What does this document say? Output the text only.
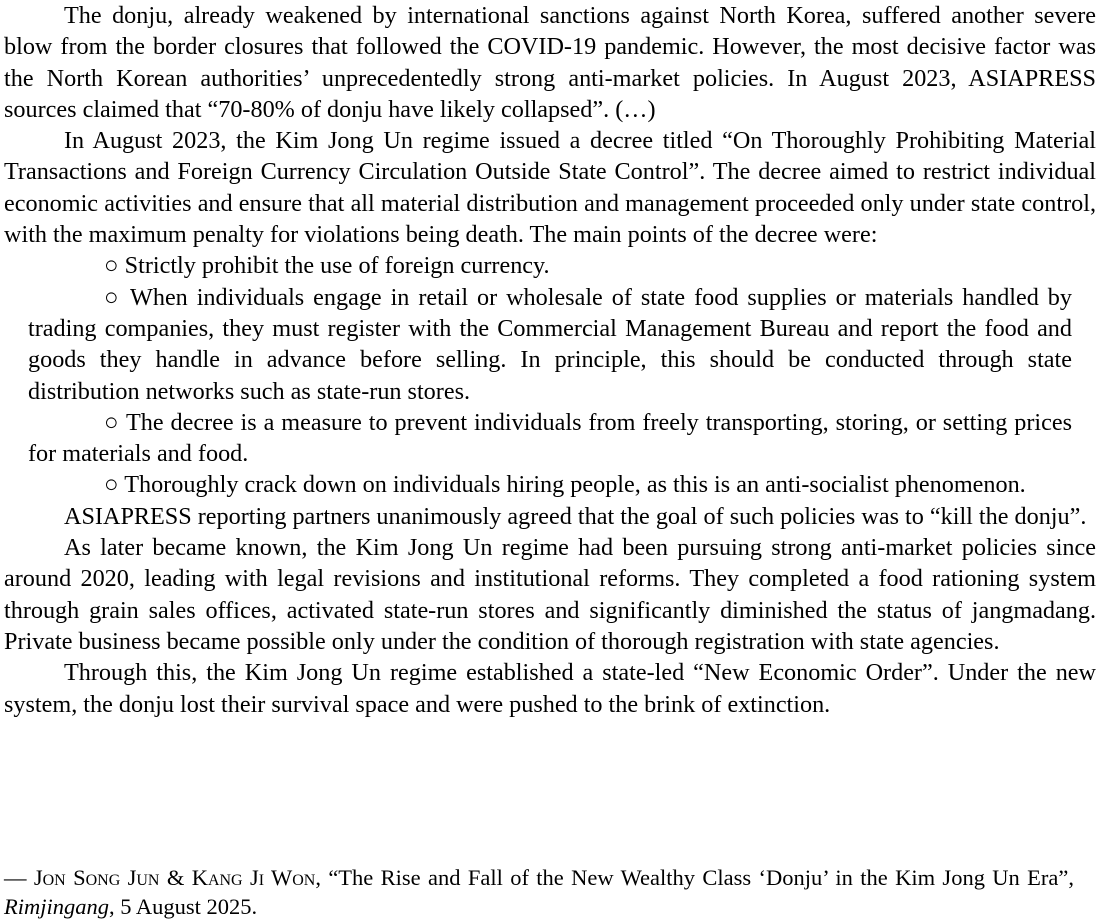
The donju, already weakened by international sanctions against North Korea, suffered another severe blow from the border closures that followed the COVID-19 pandemic. However, the most decisive factor was the North Korean authorities’ unprecedentedly strong anti-market policies. In August 2023, ASIAPRESS sources claimed that “70-80% of donju have likely collapsed”. (…)

In August 2023, the Kim Jong Un regime issued a decree titled “On Thoroughly Prohibiting Material Transactions and Foreign Currency Circulation Outside State Control”. The decree aimed to restrict individual economic activities and ensure that all material distribution and management proceeded only under state control, with the maximum penalty for violations being death. The main points of the decree were:

○ Strictly prohibit the use of foreign currency.
○ When individuals engage in retail or wholesale of state food supplies or materials handled by trading companies, they must register with the Commercial Management Bureau and report the food and goods they handle in advance before selling. In principle, this should be conducted through state distribution networks such as state-run stores.
○ The decree is a measure to prevent individuals from freely transporting, storing, or setting prices for materials and food.
○ Thoroughly crack down on individuals hiring people, as this is an anti-socialist phenomenon.

ASIAPRESS reporting partners unanimously agreed that the goal of such policies was to “kill the donju”.

As later became known, the Kim Jong Un regime had been pursuing strong anti-market policies since around 2020, leading with legal revisions and institutional reforms. They completed a food rationing system through grain sales offices, activated state-run stores and significantly diminished the status of jangmadang. Private business became possible only under the condition of thorough registration with state agencies.

Through this, the Kim Jong Un regime established a state-led “New Economic Order”. Under the new system, the donju lost their survival space and were pushed to the brink of extinction.

— Jon Song Jun & Kang Ji Won, “The Rise and Fall of the New Wealthy Class ‘Donju’ in the Kim Jong Un Era”, Rimjingang, 5 August 2025.
